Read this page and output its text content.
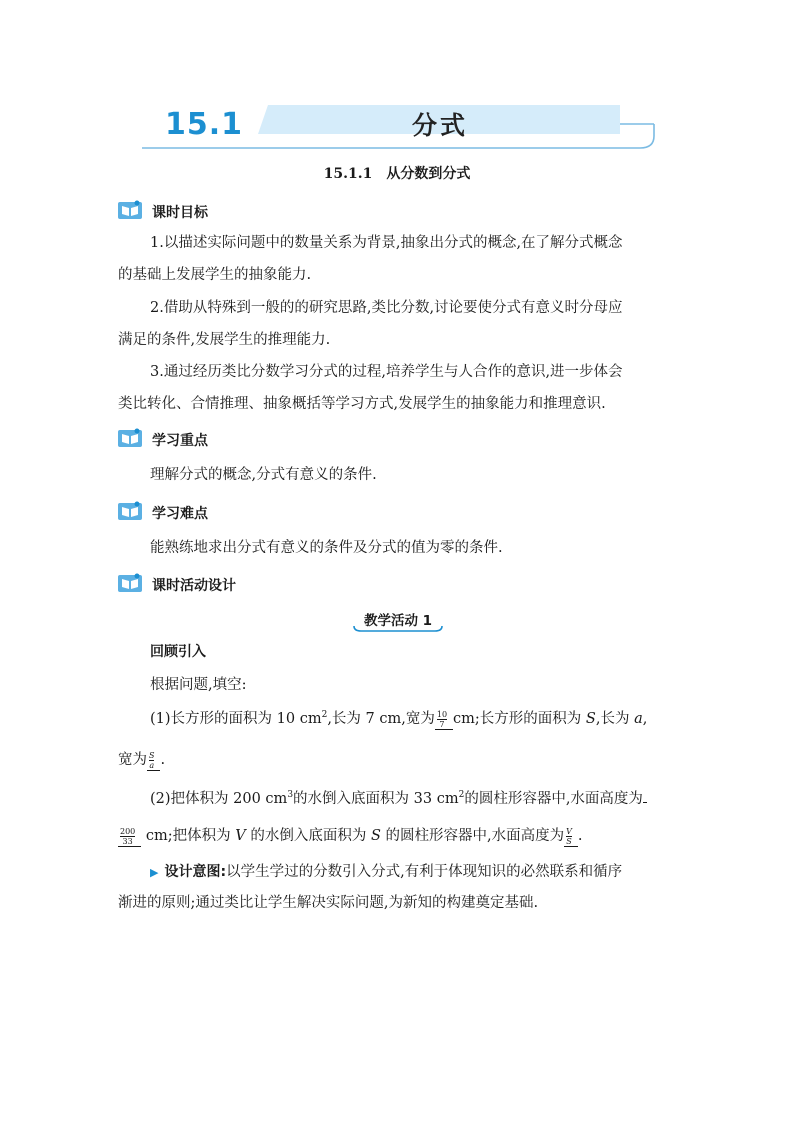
15.1	分式
15.1.1　从分数到分式
课时目标
1.以描述实际问题中的数量关系为背景,抽象出分式的概念,在了解分式概念
的基础上发展学生的抽象能力.
2.借助从特殊到一般的的研究思路,类比分数,讨论要使分式有意义时分母应
满足的条件,发展学生的推理能力.
3.通过经历类比分数学习分式的过程,培养学生与人合作的意识,进一步体会
类比转化、合情推理、抽象概括等学习方式,发展学生的抽象能力和推理意识.
学习重点
理解分式的概念,分式有意义的条件.
学习难点
能熟练地求出分式有意义的条件及分式的值为零的条件.
课时活动设计
教学活动 1
回顾引入
根据问题,填空:
(1)长方形的面积为 10 $cm^2$,长为 7 cm,宽为 $\frac{10}{7}$ cm;长方形的面积为 S,长为 a,
宽为 $\frac{S}{a}$ .
(2)把体积为 200 $cm^3$的水倒入底面积为 33 $cm^2$的圆柱形容器中,水面高度为
$\frac{200}{33}$ cm;把体积为 V 的水倒入底面积为 S 的圆柱形容器中,水面高度为 $\frac{V}{S}$ .
▶ 设计意图:以学生学过的分数引入分式,有利于体现知识的必然联系和循序
渐进的原则;通过类比让学生解决实际问题,为新知的构建奠定基础.
